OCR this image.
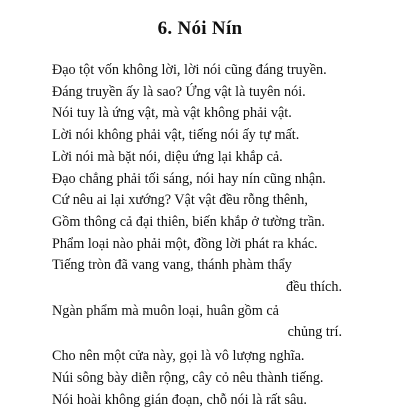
6. Nói Nín
Đạo tột vốn không lời, lời nói cũng đáng truyền.
Đáng truyền ấy là sao? Ứng vật là tuyên nói.
Nói tuy là ứng vật, mà vật không phải vật.
Lời nói không phải vật, tiếng nói ấy tự mất.
Lời nói mà bặt nói, diệu ứng lại khắp cả.
Đạo chẳng phải tối sáng, nói hay nín cũng nhận.
Cứ nêu ai lại xướng? Vật vật đều rỗng thênh,
Gồm thông cả đại thiên, biến khắp ở tường trần.
Phẩm loại nào phải một, đồng lời phát ra khác.
Tiếng tròn đã vang vang, thánh phàm thẩy
đều thích.
Ngàn phẩm mà muôn loại, huân gồm cả
chủng trí.
Cho nên một cửa này, gọi là vô lượng nghĩa.
Núi sông bày diễn rộng, cây cỏ nêu thành tiếng.
Nói hoài không gián đoạn, chỗ nói là rất sâu.
